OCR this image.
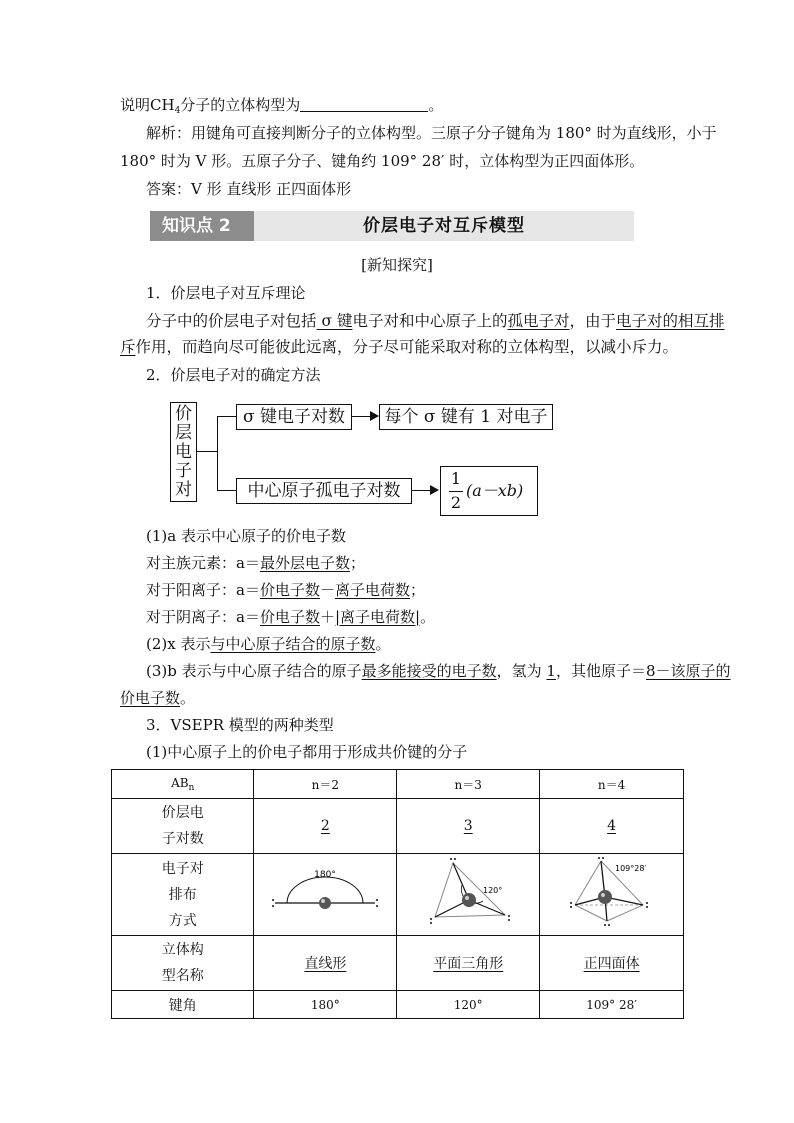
说明$CH_4$分子的立体构型为	。
解析：用键角可直接判断分子的立体构型。三原子分子键角为 180° 时为直线形，小于
180° 时为 V 形。五原子分子、键角约 109° 28′ 时，立体构型为正四面体形。
答案：V 形 直线形 正四面体形
知识点 2	价层电子对互斥模型
[新知探究]
1．价层电子对互斥理论
分子中的价层电子对包括 σ 键电子对和中心原子上的孤电子对，由于电子对的相互排
斥作用，而趋向尽可能彼此远离，分子尽可能采取对称的立体构型，以减小斥力。
2．价层电子对的确定方法
价
层
电
子
对
σ 键电子对数	每个 σ 键有 1 对电子
中心原子孤电子对数
1
2
(a－xb)
(1)a 表示中心原子的价电子数
对主族元素：a＝最外层电子数；
对于阳离子：a＝价电子数－离子电荷数；
对于阴离子：a＝价电子数＋|离子电荷数|。
(2)x 表示与中心原子结合的原子数。
(3)b 表示与中心原子结合的原子最多能接受的电子数，氢为 1，其他原子＝8－该原子的
价电子数。
3．VSEPR 模型的两种类型
(1)中心原子上的价电子都用于形成共价键的分子
$AB_n$	n＝2	n＝3	n＝4

价层电
子对数	2	3	4

电子对
排布
方式	180°	120°	109°28′

立体构
型名称	直线形	平面三角形	正四面体
键角	180°	120°	109° 28′
